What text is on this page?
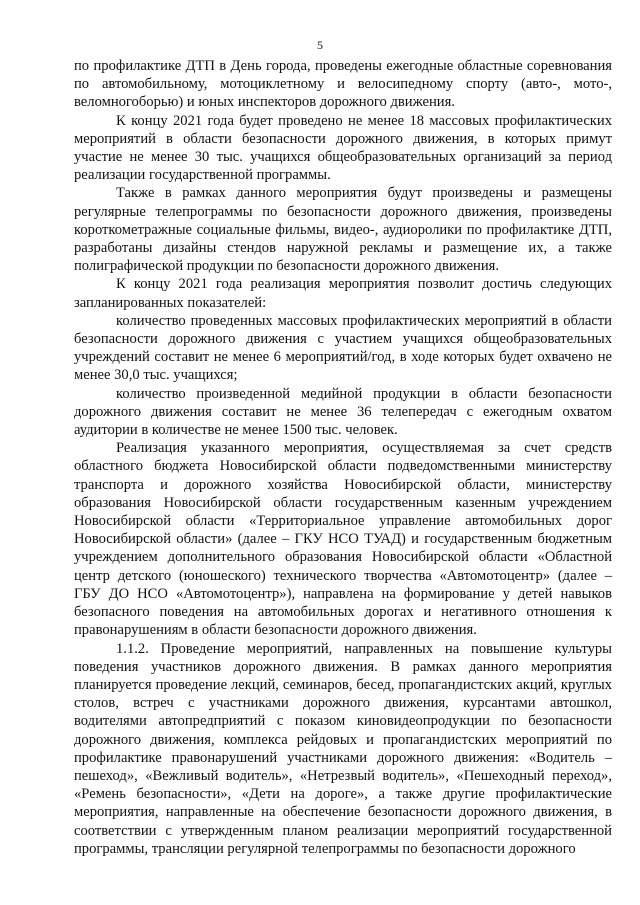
5

по профилактике ДТП в День города, проведены ежегодные областные соревнования по автомобильному, мотоциклетному и велосипедному спорту (авто-, мото-, веломногоборью) и юных инспекторов дорожного движения.

К концу 2021 года будет проведено не менее 18 массовых профилактических мероприятий в области безопасности дорожного движения, в которых примут участие не менее 30 тыс. учащихся общеобразовательных организаций за период реализации государственной программы.

Также в рамках данного мероприятия будут произведены и размещены регулярные телепрограммы по безопасности дорожного движения, произведены короткометражные социальные фильмы, видео-, аудиоролики по профилактике ДТП, разработаны дизайны стендов наружной рекламы и размещение их, а также полиграфической продукции по безопасности дорожного движения.

К концу 2021 года реализация мероприятия позволит достичь следующих запланированных показателей:

количество проведенных массовых профилактических мероприятий в области безопасности дорожного движения с участием учащихся общеобразовательных учреждений составит не менее 6 мероприятий/год, в ходе которых будет охвачено не менее 30,0 тыс. учащихся;

количество произведенной медийной продукции в области безопасности дорожного движения составит не менее 36 телепередач с ежегодным охватом аудитории в количестве не менее 1500 тыс. человек.

Реализация указанного мероприятия, осуществляемая за счет средств областного бюджета Новосибирской области подведомственными министерству транспорта и дорожного хозяйства Новосибирской области, министерству образования Новосибирской области государственным казенным учреждением Новосибирской области «Территориальное управление автомобильных дорог Новосибирской области» (далее – ГКУ НСО ТУАД) и государственным бюджетным учреждением дополнительного образования Новосибирской области «Областной центр детского (юношеского) технического творчества «Автомотоцентр» (далее – ГБУ ДО НСО «Автомотоцентр»), направлена на формирование у детей навыков безопасного поведения на автомобильных дорогах и негативного отношения к правонарушениям в области безопасности дорожного движения.

1.1.2. Проведение мероприятий, направленных на повышение культуры поведения участников дорожного движения. В рамках данного мероприятия планируется проведение лекций, семинаров, бесед, пропагандистских акций, круглых столов, встреч с участниками дорожного движения, курсантами автошкол, водителями автопредприятий с показом киновидеопродукции по безопасности дорожного движения, комплекса рейдовых и пропагандистских мероприятий по профилактике правонарушений участниками дорожного движения: «Водитель – пешеход», «Вежливый водитель», «Нетрезвый водитель», «Пешеходный переход», «Ремень безопасности», «Дети на дороге», а также другие профилактические мероприятия, направленные на обеспечение безопасности дорожного движения, в соответствии с утвержденным планом реализации мероприятий государственной программы, трансляции регулярной телепрограммы по безопасности дорожного
